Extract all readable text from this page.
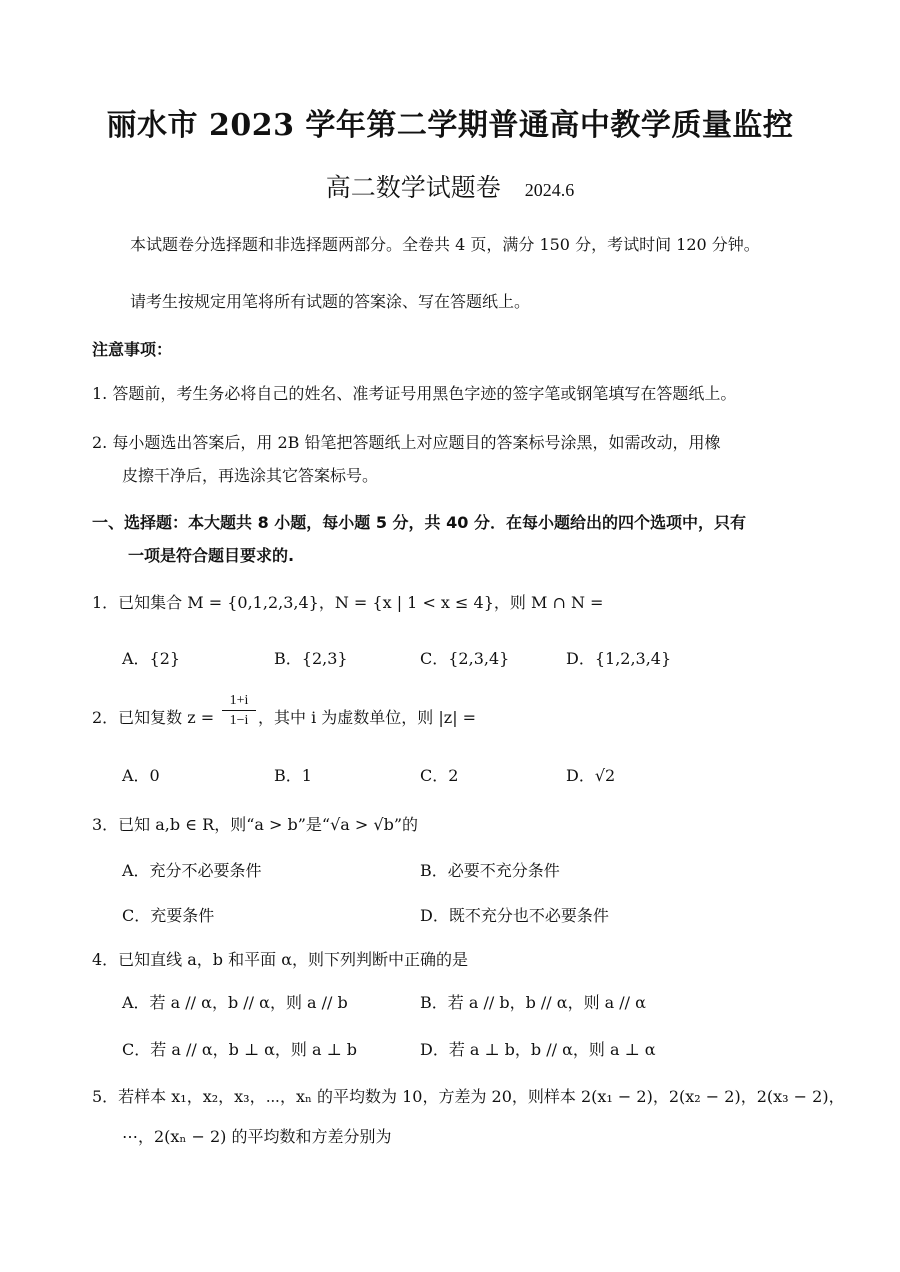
丽水市 2023 学年第二学期普通高中教学质量监控
高二数学试题卷 2024.6
本试题卷分选择题和非选择题两部分。全卷共 4 页，满分 150 分，考试时间 120 分钟。
请考生按规定用笔将所有试题的答案涂、写在答题纸上。
注意事项：
1. 答题前，考生务必将自己的姓名、准考证号用黑色字迹的签字笔或钢笔填写在答题纸上。
2. 每小题选出答案后，用 2B 铅笔把答题纸上对应题目的答案标号涂黑，如需改动，用橡
皮擦干净后，再选涂其它答案标号。
一、选择题：本大题共 8 小题，每小题 5 分，共 40 分．在每小题给出的四个选项中，只有
一项是符合题目要求的.
1．已知集合 M = {0,1,2,3,4}，N = {x | 1 < x ≤ 4}，则 M ∩ N =
A．{2}	B．{2,3}	C．{2,3,4}	D．{1,2,3,4}
2．已知复数 $z = \frac{1+i}{1-i}$ ，其中 i 为虚数单位，则 |z| =
A．0	B．1	C．2	D．√2
3．已知 a,b ∈ R，则“a > b”是“√a > √b”的
A．充分不必要条件	B．必要不充分条件
C．充要条件	D．既不充分也不必要条件
4．已知直线 a，b 和平面 α，则下列判断中正确的是
A．若 a // α，b // α，则 a // b	B．若 a // b，b // α，则 a // α
C．若 a // α，b ⊥ α，则 a ⊥ b	D．若 a ⊥ b，b // α，则 a ⊥ α
5．若样本 x₁，x₂，x₃，⋯，xₙ 的平均数为 10，方差为 20，则样本 2(x₁ − 2)，2(x₂ − 2)，2(x₃ − 2)，
⋯，2(xₙ − 2) 的平均数和方差分别为
